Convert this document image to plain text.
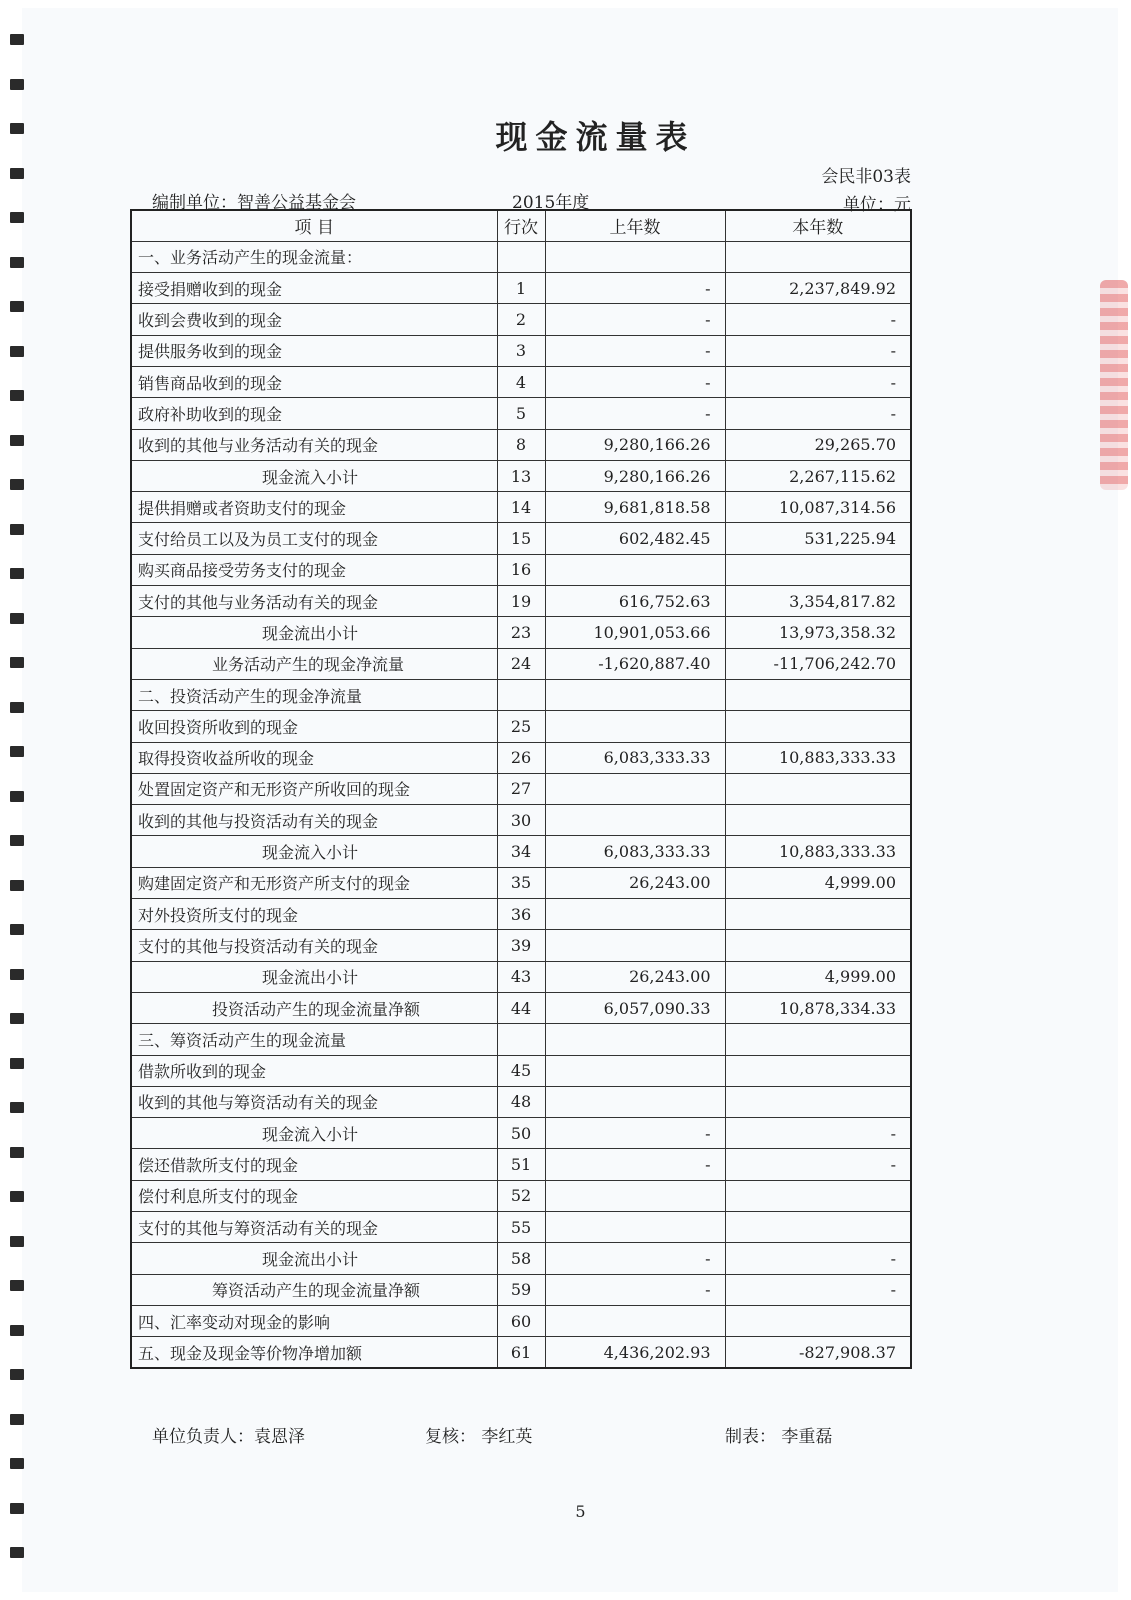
现金流量表
会民非03表
编制单位：智善公益基金会	2015年度	单位：元
项 目	行次	上年数	本年数
一、业务活动产生的现金流量：			
接受捐赠收到的现金	1	-	2,237,849.92
收到会费收到的现金	2	-	-
提供服务收到的现金	3	-	-
销售商品收到的现金	4	-	-
政府补助收到的现金	5	-	-
收到的其他与业务活动有关的现金	8	9,280,166.26	29,265.70
现金流入小计	13	9,280,166.26	2,267,115.62
提供捐赠或者资助支付的现金	14	9,681,818.58	10,087,314.56
支付给员工以及为员工支付的现金	15	602,482.45	531,225.94
购买商品接受劳务支付的现金	16		
支付的其他与业务活动有关的现金	19	616,752.63	3,354,817.82
现金流出小计	23	10,901,053.66	13,973,358.32
业务活动产生的现金净流量	24	-1,620,887.40	-11,706,242.70
二、投资活动产生的现金净流量			
收回投资所收到的现金	25		
取得投资收益所收的现金	26	6,083,333.33	10,883,333.33
处置固定资产和无形资产所收回的现金	27		
收到的其他与投资活动有关的现金	30		
现金流入小计	34	6,083,333.33	10,883,333.33
购建固定资产和无形资产所支付的现金	35	26,243.00	4,999.00
对外投资所支付的现金	36		
支付的其他与投资活动有关的现金	39		
现金流出小计	43	26,243.00	4,999.00
投资活动产生的现金流量净额	44	6,057,090.33	10,878,334.33
三、筹资活动产生的现金流量			
借款所收到的现金	45		
收到的其他与筹资活动有关的现金	48		
现金流入小计	50	-	-
偿还借款所支付的现金	51	-	-
偿付利息所支付的现金	52		
支付的其他与筹资活动有关的现金	55		
现金流出小计	58	-	-
筹资活动产生的现金流量净额	59	-	-
四、汇率变动对现金的影响	60		
五、现金及现金等价物净增加额	61	4,436,202.93	-827,908.37
单位负责人：袁恩泽	复核： 李红英	制表： 李重磊
5
